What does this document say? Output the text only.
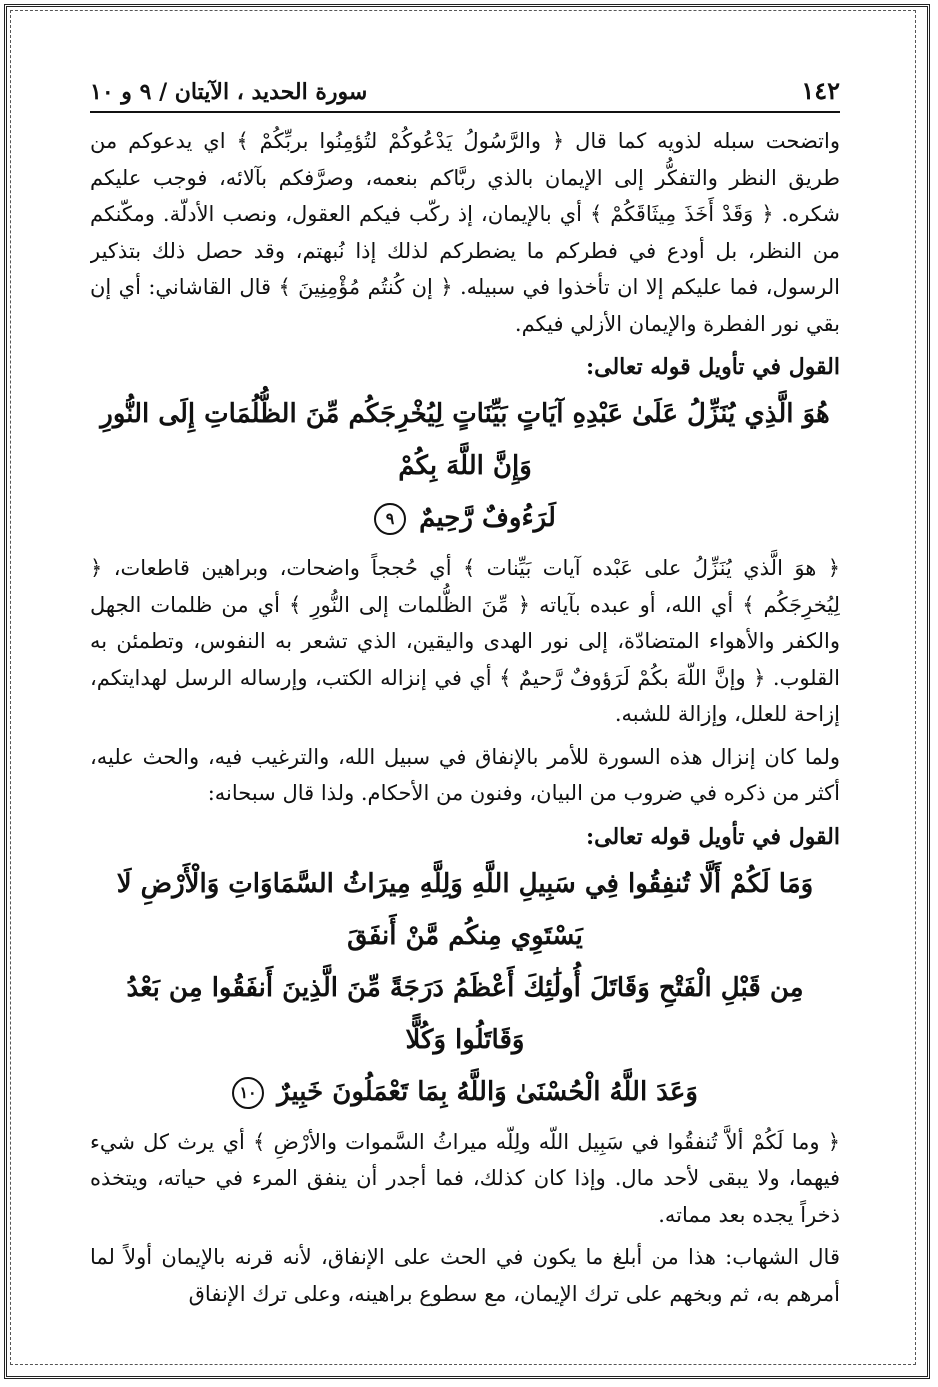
١٤٢
سورة الحديد ، الآيتان / ٩ و ١٠

واتضحت سبله لذويه كما قال ﴿ والرَّسُولُ يَدْعُوكُمْ لتُؤمِنُوا بربِّكُمْ ﴾ اي يدعوكم من طريق النظر والتفكُّر إلى الإيمان بالذي ربَّاكم بنعمه، وصرَّفكم بآلائه، فوجب عليكم شكره. ﴿ وَقَدْ أَخَذَ مِيثَاقَكُمْ ﴾ أي بالإيمان، إذ ركّب فيكم العقول، ونصب الأدلّة. ومكّنكم من النظر، بل أودع في فطركم ما يضطركم لذلك إذا نُبهتم، وقد حصل ذلك بتذكير الرسول، فما عليكم إلا ان تأخذوا في سبيله. ﴿ إن كُنتُم مُؤْمِنِينَ ﴾ قال القاشاني: أي إن بقي نور الفطرة والإيمان الأزلي فيكم.

القول في تأويل قوله تعالى:
هُوَ الَّذِي يُنَزِّلُ عَلَىٰ عَبْدِهِ آيَاتٍ بَيِّنَاتٍ لِيُخْرِجَكُم مِّنَ الظُّلُمَاتِ إِلَى النُّورِ وَإِنَّ اللَّهَ بِكُمْ
لَرَءُوفٌ رَّحِيمٌ ٩

﴿ هوَ الَّذي يُنَزِّلُ على عَبْده آيات بَيِّنات ﴾ أي حُججاً واضحات، وبراهين قاطعات، ﴿ لِيُخرِجَكُم ﴾ أي الله، أو عبده بآياته ﴿ مِّنَ الظُّلمات إلى النُّورِ ﴾ أي من ظلمات الجهل والكفر والأهواء المتضادّة، إلى نور الهدى واليقين، الذي تشعر به النفوس، وتطمئن به القلوب. ﴿ وإنَّ اللّهَ بكُمْ لَرَؤوفٌ رَّحيمٌ ﴾ أي في إنزاله الكتب، وإرساله الرسل لهدايتكم، إزاحة للعلل، وإزالة للشبه.

ولما كان إنزال هذه السورة للأمر بالإنفاق في سبيل الله، والترغيب فيه، والحث عليه، أكثر من ذكره في ضروب من البيان، وفنون من الأحكام. ولذا قال سبحانه:

القول في تأويل قوله تعالى:
وَمَا لَكُمْ أَلَّا تُنفِقُوا فِي سَبِيلِ اللَّهِ وَلِلَّهِ مِيرَاثُ السَّمَاوَاتِ وَالْأَرْضِ لَا يَسْتَوِي مِنكُم مَّنْ أَنفَقَ
مِن قَبْلِ الْفَتْحِ وَقَاتَلَ أُولَٰئِكَ أَعْظَمُ دَرَجَةً مِّنَ الَّذِينَ أَنفَقُوا مِن بَعْدُ وَقَاتَلُوا وَكُلًّا
وَعَدَ اللَّهُ الْحُسْنَىٰ وَاللَّهُ بِمَا تَعْمَلُونَ خَبِيرٌ ١٠

﴿ وما لَكُمْ ألاَّ تُنفقُوا في سَبِيل اللّه ولِلّه ميراثُ السَّموات والأرْضِ ﴾ أي يرث كل شيء فيهما، ولا يبقى لأحد مال. وإذا كان كذلك، فما أجدر أن ينفق المرء في حياته، ويتخذه ذخراً يجده بعد مماته.

قال الشهاب: هذا من أبلغ ما يكون في الحث على الإنفاق، لأنه قرنه بالإيمان أولاً لما أمرهم به، ثم وبخهم على ترك الإيمان، مع سطوع براهينه، وعلى ترك الإنفاق
